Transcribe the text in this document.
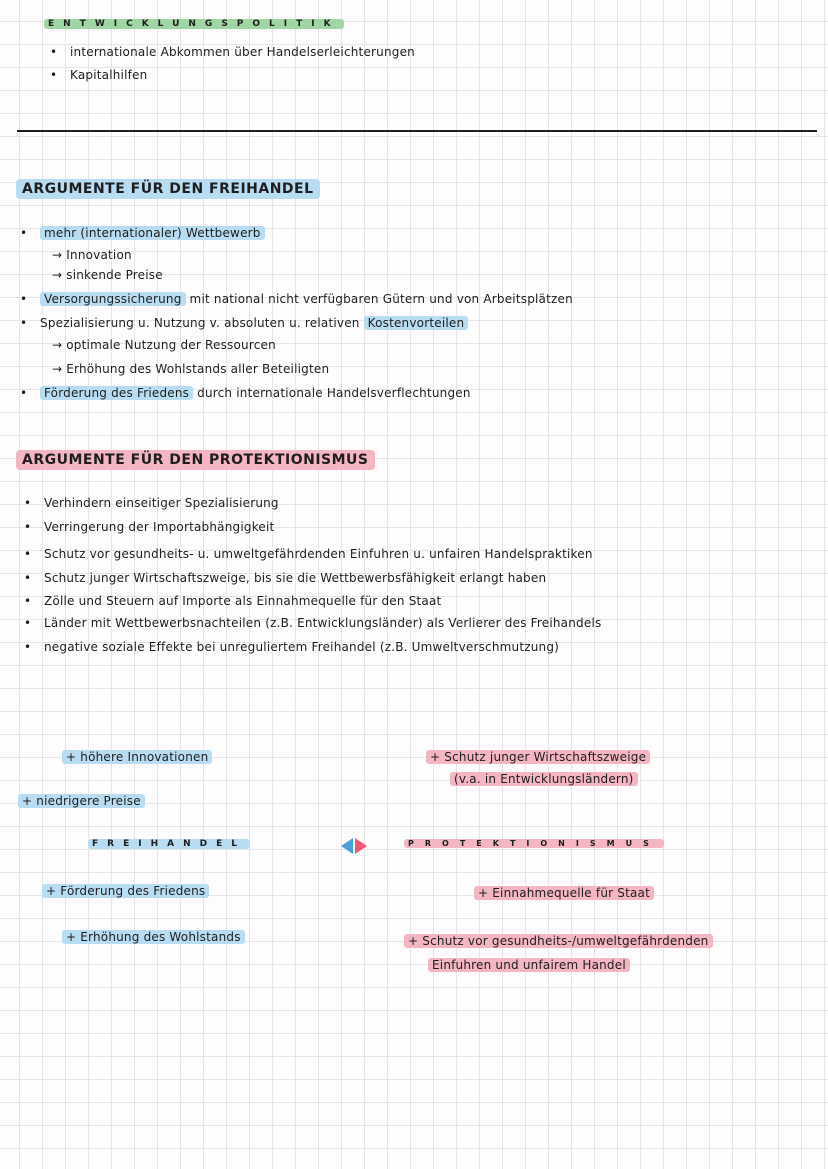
ENTWICKLUNGSPOLITIK
• internationale Abkommen über Handelserleichterungen
• Kapitalhilfen
ARGUMENTE FÜR DEN FREIHANDEL
• mehr (internationaler) Wettbewerb
→ Innovation
→ sinkende Preise
• Versorgungssicherung mit national nicht verfügbaren Gütern und von Arbeitsplätzen
• Spezialisierung u. Nutzung v. absoluten u. relativen Kostenvorteilen
→ optimale Nutzung der Ressourcen
→ Erhöhung des Wohlstands aller Beteiligten
• Förderung des Friedens durch internationale Handelsverflechtungen
ARGUMENTE FÜR DEN PROTEKTIONISMUS
• Verhindern einseitiger Spezialisierung
• Verringerung der Importabhängigkeit
• Schutz vor gesundheits- u. umweltgefährdenden Einfuhren u. unfairen Handelspraktiken
• Schutz junger Wirtschaftszweige, bis sie die Wettbewerbsfähigkeit erlangt haben
• Zölle und Steuern auf Importe als Einnahmequelle für den Staat
• Länder mit Wettbewerbsnachteilen (z.B. Entwicklungsländer) als Verlierer des Freihandels
• negative soziale Effekte bei unreguliertem Freihandel (z.B. Umweltverschmutzung)
+ höhere Innovationen
+ niedrigere Preise
+ Schutz junger Wirtschaftszweige
(v.a. in Entwicklungsländern)
FREIHANDEL	PROTEKTIONISMUS
+ Förderung des Friedens	+ Einnahmequelle für Staat
+ Erhöhung des Wohlstands	+ Schutz vor gesundheits-/umweltgefährdenden
Einfuhren und unfairem Handel
